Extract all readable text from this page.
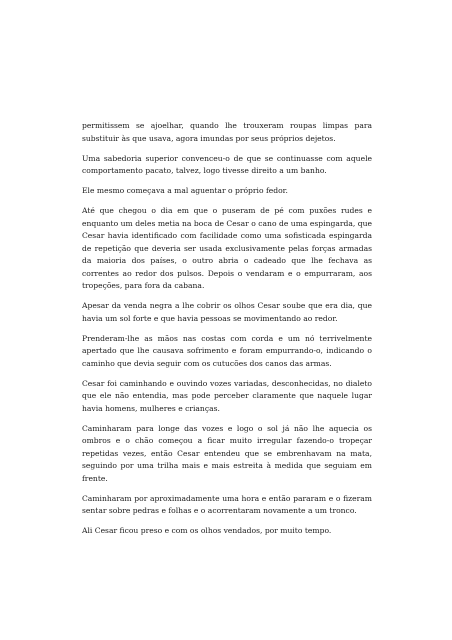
permitissem se ajoelhar, quando lhe trouxeram roupas limpas para substituir às que usava, agora imundas por seus próprios dejetos.

Uma sabedoria superior convenceu-o de que se continuasse com aquele comportamento pacato, talvez, logo tivesse direito a um banho.

Ele mesmo começava a mal aguentar o próprio fedor.

Até que chegou o dia em que o puseram de pé com puxões rudes e enquanto um deles metia na boca de Cesar o cano de uma espingarda, que Cesar havia identificado com facilidade como uma sofisticada espingarda de repetição que deveria ser usada exclusivamente pelas forças armadas da maioria dos países, o outro abria o cadeado que lhe fechava as correntes ao redor dos pulsos. Depois o vendaram e o empurraram, aos tropeções, para fora da cabana.

Apesar da venda negra a lhe cobrir os olhos Cesar soube que era dia, que havia um sol forte e que havia pessoas se movimentando ao redor.

Prenderam-lhe as mãos nas costas com corda e um nó terrivelmente apertado que lhe causava sofrimento e foram empurrando-o, indicando o caminho que devia seguir com os cutucões dos canos das armas.

Cesar foi caminhando e ouvindo vozes variadas, desconhecidas, no dialeto que ele não entendia, mas pode perceber claramente que naquele lugar havia homens, mulheres e crianças.

Caminharam para longe das vozes e logo o sol já não lhe aquecia os ombros e o chão começou a ficar muito irregular fazendo-o tropeçar repetidas vezes, então Cesar entendeu que se embrenhavam na mata, seguindo por uma trilha mais e mais estreita à medida que seguiam em frente.

Caminharam por aproximadamente uma hora e então pararam e o fizeram sentar sobre pedras e folhas e o acorrentaram novamente a um tronco.

Ali Cesar ficou preso e com os olhos vendados, por muito tempo.
